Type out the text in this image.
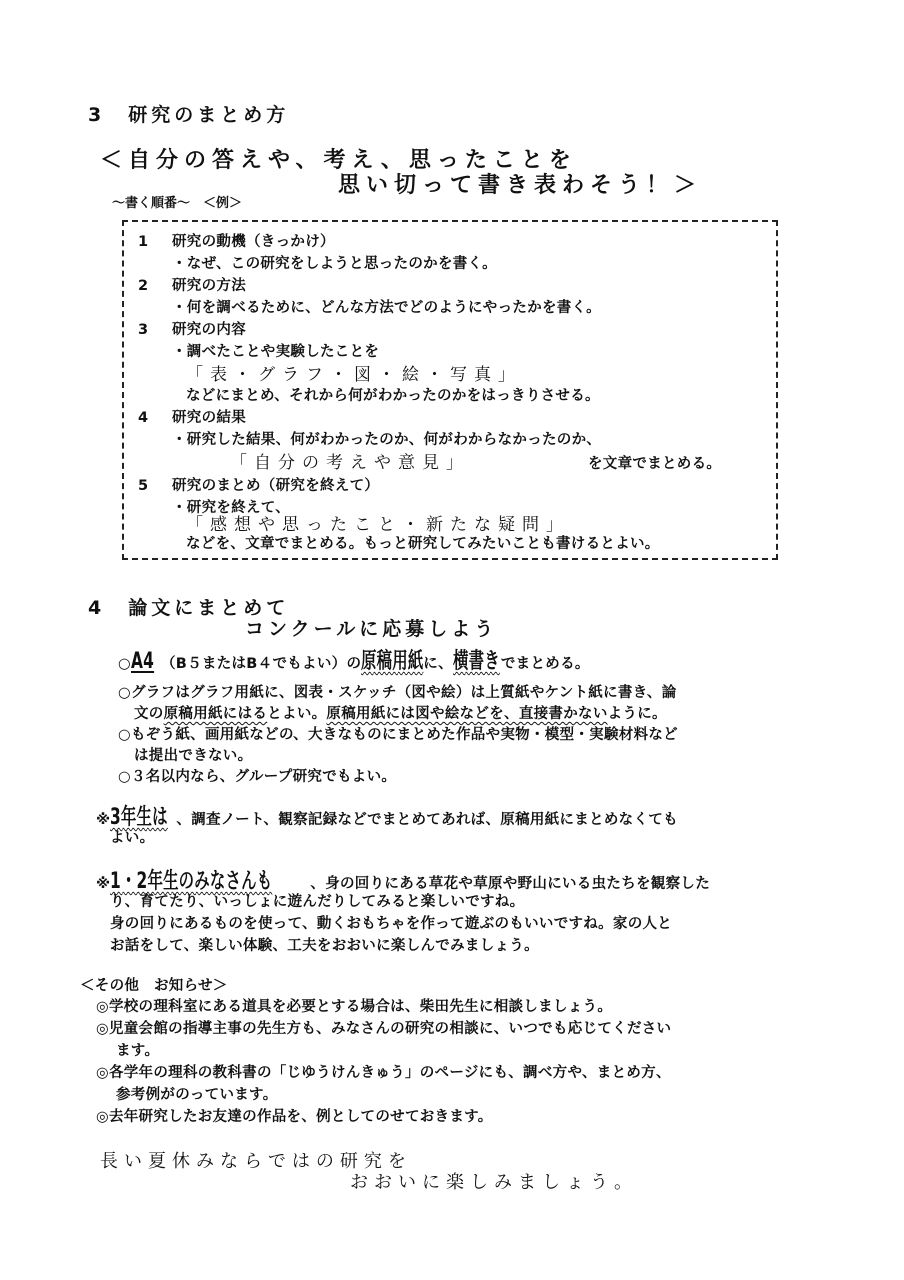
3　研究のまとめ方
＜自分の答えや、考え、思ったことを
思い切って書き表わそう！＞
～書く順番～　＜例＞
1 研究の動機（きっかけ）
・なぜ、この研究をしようと思ったのかを書く。
2 研究の方法
・何を調べるために、どんな方法でどのようにやったかを書く。
3 研究の内容
・調べたことや実験したことを
「表・グラフ・図・絵・写真」
などにまとめ、それから何がわかったのかをはっきりさせる。
4 研究の結果
・研究した結果、何がわかったのか、何がわからなかったのか、
「自分の考えや意見」	を文章でまとめる。
5 研究のまとめ（研究を終えて）
・研究を終えて、
「感想や思ったこと・新たな疑問」
などを、文章でまとめる。もっと研究してみたいことも書けるとよい。
4　論文にまとめて
コンクールに応募しよう
○A4 （B５またはB４でもよい）の原稿用紙に、横書きでまとめる。
○グラフはグラフ用紙に、図表・スケッチ（図や絵）は上質紙やケント紙に書き、論
文の原稿用紙にはるとよい。原稿用紙には図や絵などを、直接書かないように。
○もぞう紙、画用紙などの、大きなものにまとめた作品や実物・模型・実験材料など
は提出できない。
○３名以内なら、グループ研究でもよい。
※3年生は 、調査ノート、観察記録などでまとめてあれば、原稿用紙にまとめなくても
よい。
※1・2年生のみなさんも	、身の回りにある草花や草原や野山にいる虫たちを観察した
り、育てたり、いっしょに遊んだりしてみると楽しいですね。
身の回りにあるものを使って、動くおもちゃを作って遊ぶのもいいですね。家の人と
お話をして、楽しい体験、工夫をおおいに楽しんでみましょう。
＜その他　お知らせ＞
◎学校の理科室にある道具を必要とする場合は、柴田先生に相談しましょう。
◎児童会館の指導主事の先生方も、みなさんの研究の相談に、いつでも応じてください
ます。
◎各学年の理科の教科書の「じゆうけんきゅう」のページにも、調べ方や、まとめ方、
参考例がのっています。
◎去年研究したお友達の作品を、例としてのせておきます。
長い夏休みならではの研究を
おおいに楽しみましょう。
